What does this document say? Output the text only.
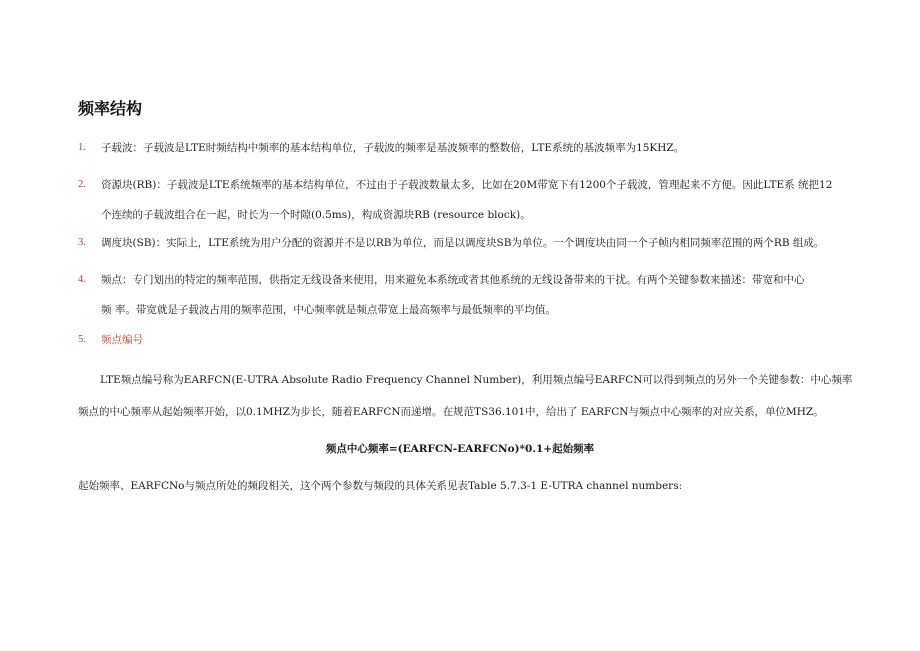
频率结构
1. 子载波：子载波是LTE时频结构中频率的基本结构单位，子载波的频率是基波频率的整数倍，LTE系统的基波频率为15KHZ。
2. 资源块(RB)：子载波是LTE系统频率的基本结构单位，不过由于子载波数量太多，比如在20M带宽下有1200个子载波，管理起来不方便。因此LTE系 统把12
个连续的子载波组合在一起，时长为一个时隙(0.5ms)，构成资源块RB (resource block)。
3. 调度块(SB)：实际上，LTE系统为用户分配的资源并不是以RB为单位，而是以调度块SB为单位。一个调度块由同一个子帧内相同频率范围的两个RB 组成。
4. 频点：专门划出的特定的频率范围，供指定无线设备来使用，用来避免本系统或者其他系统的无线设备带来的干扰。有两个关键参数来描述：带宽和中心
频 率。带宽就是子载波占用的频率范围，中心频率就是频点带宽上最高频率与最低频率的平均值。
5. 频点编号
LTE频点编号称为EARFCN(E-UTRA Absolute Radio Frequency Channel Number)，利用频点编号EARFCN可以得到频点的另外一个关键参数：中心频率
频点的中心频率从起始频率开始，以0.1MHZ为步长，随着EARFCN而递增。在规范TS36.101中，给出了 EARFCN与频点中心频率的对应关系，单位MHZ。
频点中心频率=(EARFCN-EARFCNo)*0.1+起始频率
起始频率、EARFCNo与频点所处的频段相关，这个两个参数与频段的具体关系见表Table 5.7.3-1 E-UTRA channel numbers:
